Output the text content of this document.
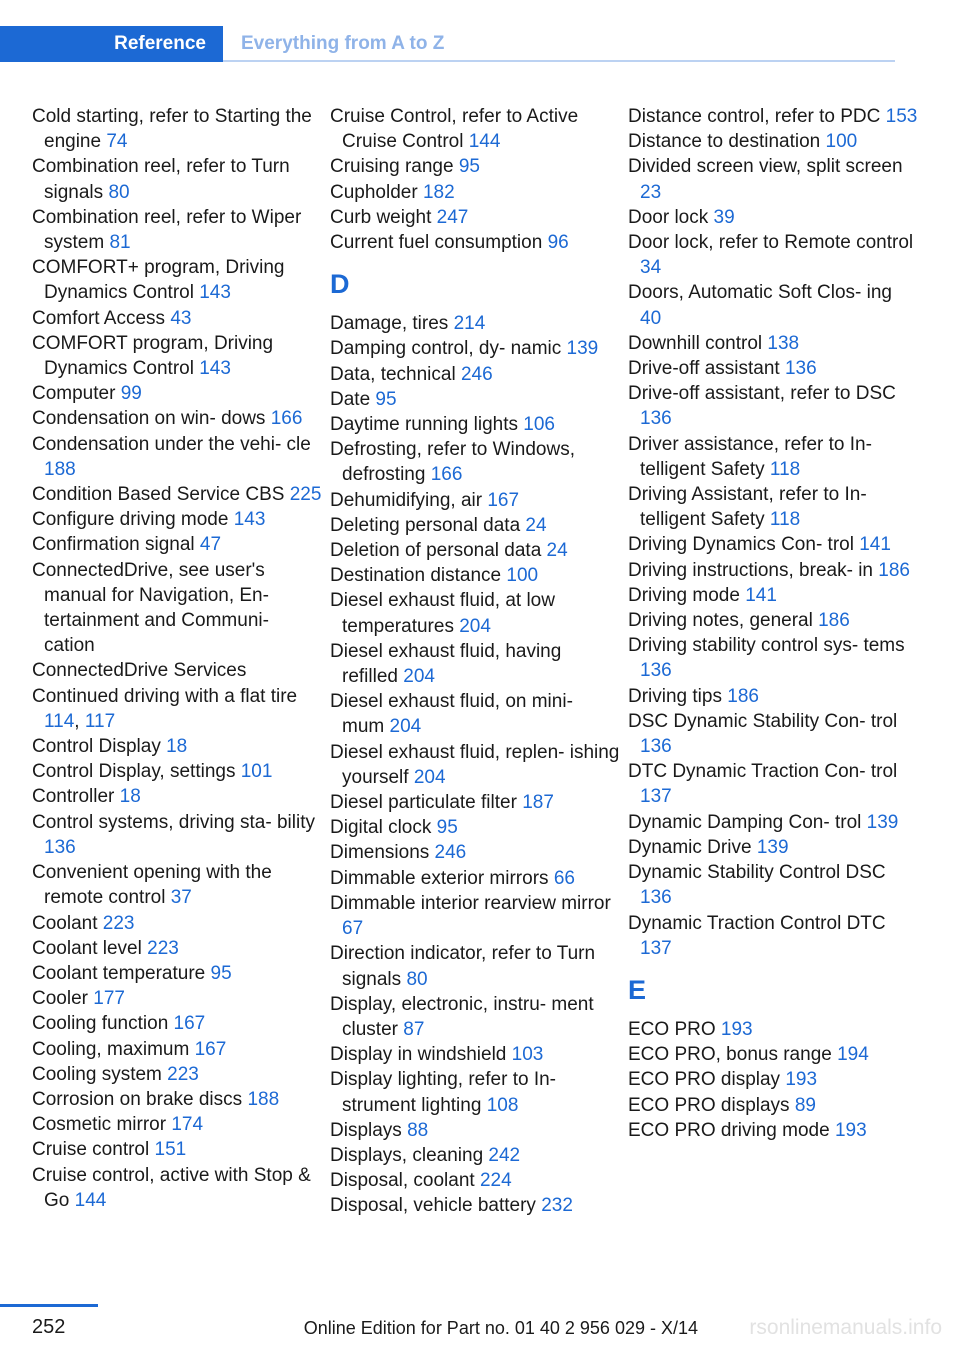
Reference	Everything from A to Z
Cold starting, refer to Starting the engine 74
Combination reel, refer to Turn signals 80
Combination reel, refer to Wiper system 81
COMFORT+ program, Driving Dynamics Control 143
Comfort Access 43
COMFORT program, Driving Dynamics Control 143
Computer 99
Condensation on win‐ dows 166
Condensation under the vehi‐ cle 188
Condition Based Service CBS 225
Configure driving mode 143
Confirmation signal 47
ConnectedDrive, see user's manual for Navigation, En‐ tertainment and Communi‐ cation
ConnectedDrive Services
Continued driving with a flat tire 114, 117
Control Display 18
Control Display, settings 101
Controller 18
Control systems, driving sta‐ bility 136
Convenient opening with the remote control 37
Coolant 223
Coolant level 223
Coolant temperature 95
Cooler 177
Cooling function 167
Cooling, maximum 167
Cooling system 223
Corrosion on brake discs 188
Cosmetic mirror 174
Cruise control 151
Cruise control, active with Stop & Go 144
Cruise Control, refer to Active Cruise Control 144
Cruising range 95
Cupholder 182
Curb weight 247
Current fuel consumption 96
D
Damage, tires 214
Damping control, dy‐ namic 139
Data, technical 246
Date 95
Daytime running lights 106
Defrosting, refer to Windows, defrosting 166
Dehumidifying, air 167
Deleting personal data 24
Deletion of personal data 24
Destination distance 100
Diesel exhaust fluid, at low temperatures 204
Diesel exhaust fluid, having refilled 204
Diesel exhaust fluid, on mini‐ mum 204
Diesel exhaust fluid, replen‐ ishing yourself 204
Diesel particulate filter 187
Digital clock 95
Dimensions 246
Dimmable exterior mirrors 66
Dimmable interior rearview mirror 67
Direction indicator, refer to Turn signals 80
Display, electronic, instru‐ ment cluster 87
Display in windshield 103
Display lighting, refer to In‐ strument lighting 108
Displays 88
Displays, cleaning 242
Disposal, coolant 224
Disposal, vehicle battery 232
Distance control, refer to PDC 153
Distance to destination 100
Divided screen view, split screen 23
Door lock 39
Door lock, refer to Remote control 34
Doors, Automatic Soft Clos‐ ing 40
Downhill control 138
Drive-off assistant 136
Drive-off assistant, refer to DSC 136
Driver assistance, refer to In‐ telligent Safety 118
Driving Assistant, refer to In‐ telligent Safety 118
Driving Dynamics Con‐ trol 141
Driving instructions, break- in 186
Driving mode 141
Driving notes, general 186
Driving stability control sys‐ tems 136
Driving tips 186
DSC Dynamic Stability Con‐ trol 136
DTC Dynamic Traction Con‐ trol 137
Dynamic Damping Con‐ trol 139
Dynamic Drive 139
Dynamic Stability Control DSC 136
Dynamic Traction Control DTC 137
E
ECO PRO 193
ECO PRO, bonus range 194
ECO PRO display 193
ECO PRO displays 89
ECO PRO driving mode 193
252	Online Edition for Part no. 01 40 2 956 029 - X/14 rsonlinemanuals.info
